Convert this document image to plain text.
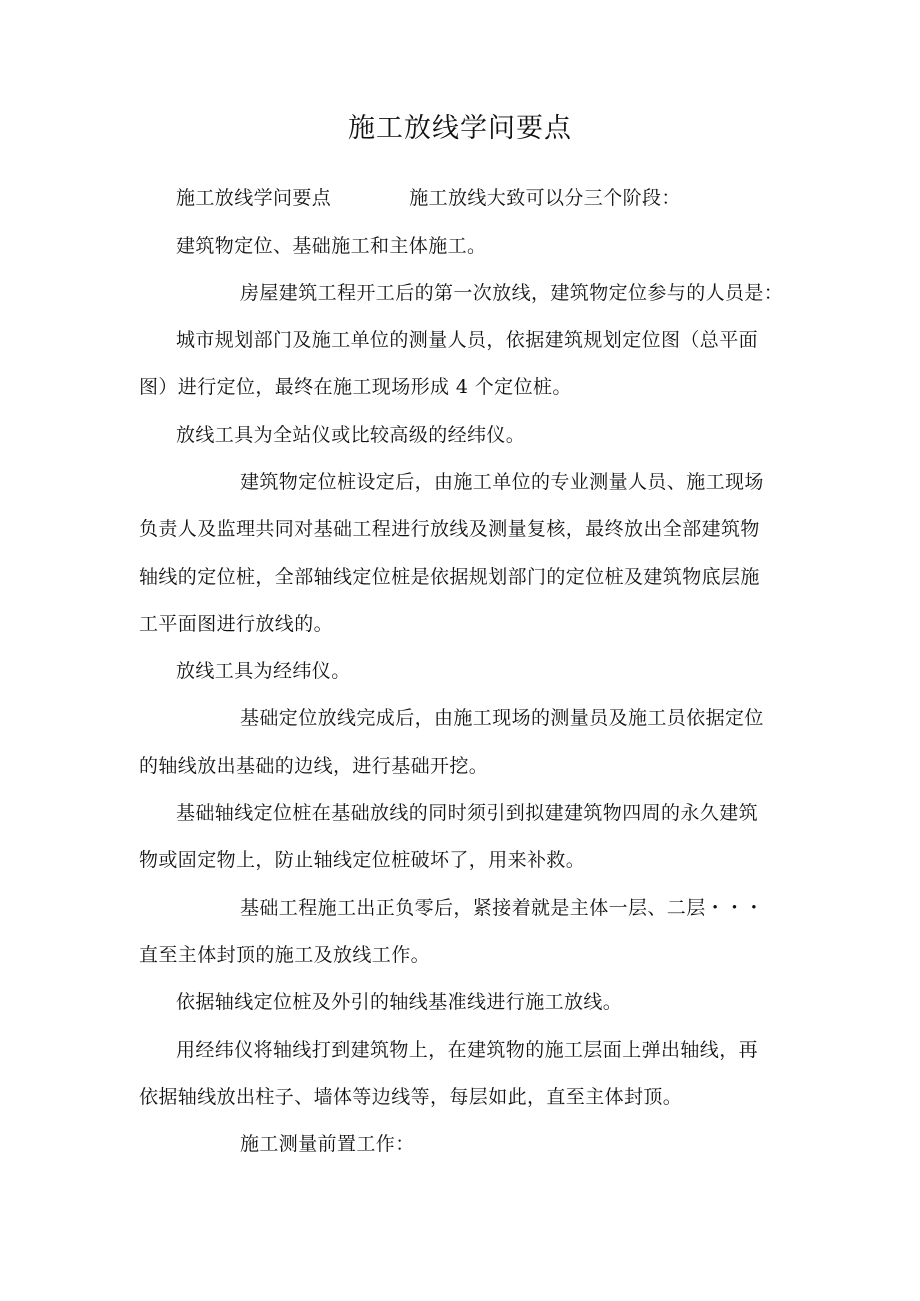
施工放线学问要点

施工放线学问要点	施工放线大致可以分三个阶段：

建筑物定位、基础施工和主体施工。

房屋建筑工程开工后的第一次放线，建筑物定位参与的人员是：

城市规划部门及施工单位的测量人员，依据建筑规划定位图（总平面

图）进行定位，最终在施工现场形成 4 个定位桩。

放线工具为全站仪或比较高级的经纬仪。

建筑物定位桩设定后，由施工单位的专业测量人员、施工现场

负责人及监理共同对基础工程进行放线及测量复核，最终放出全部建筑物

轴线的定位桩，全部轴线定位桩是依据规划部门的定位桩及建筑物底层施

工平面图进行放线的。

放线工具为经纬仪。

基础定位放线完成后，由施工现场的测量员及施工员依据定位

的轴线放出基础的边线，进行基础开挖。

基础轴线定位桩在基础放线的同时须引到拟建建筑物四周的永久建筑

物或固定物上，防止轴线定位桩破坏了，用来补救。

基础工程施工出正负零后，紧接着就是主体一层、二层・・・

直至主体封顶的施工及放线工作。

依据轴线定位桩及外引的轴线基准线进行施工放线。

用经纬仪将轴线打到建筑物上，在建筑物的施工层面上弹出轴线，再

依据轴线放出柱子、墙体等边线等，每层如此，直至主体封顶。

施工测量前置工作：
